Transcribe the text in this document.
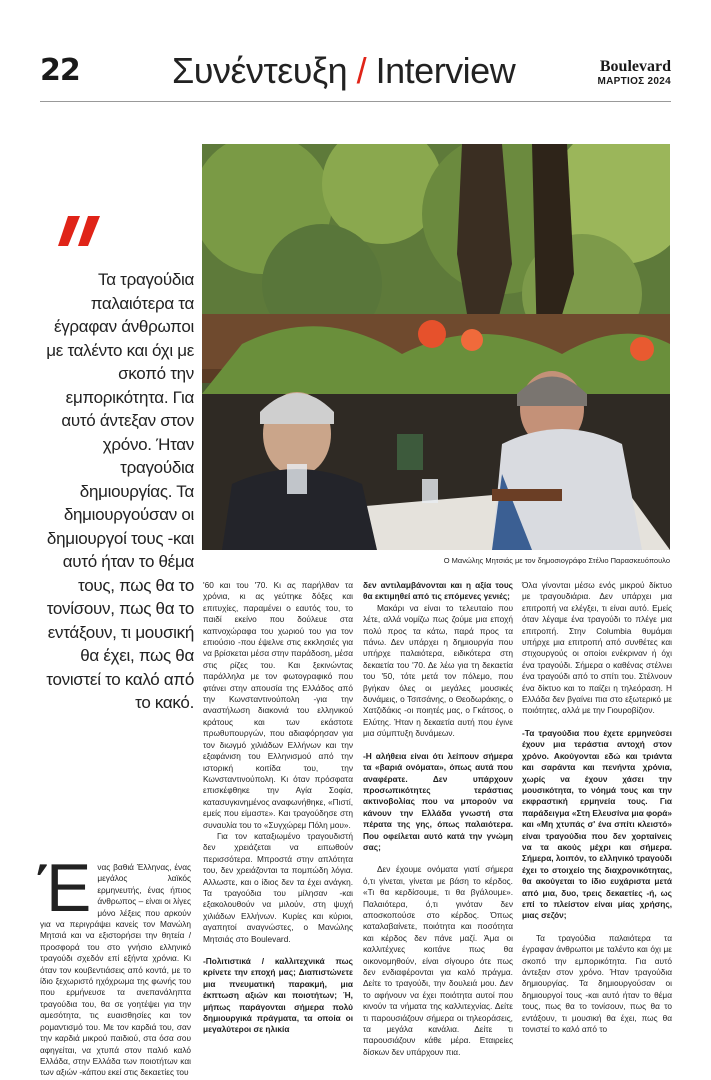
22	Συνέντευξη / Interview	Boulevard
ΜΑΡΤΙΟΣ 2024
Ο Μανώλης Μητσιάς με τον δημοσιογράφο Στέλιο Παρασκευόπουλο
Τα τραγούδια παλαιότερα τα έγραφαν άνθρωποι με ταλέντο και όχι με σκοπό την εμπορικότητα. Για αυτό άντεξαν στον χρόνο. Ήταν τραγούδια δημιουργίας. Τα δημιουργούσαν οι δημιουργοί τους -και αυτό ήταν το θέμα τους, πως θα το τονίσουν, πως θα το εντάξουν, τι μουσική θα έχει, πως θα τονιστεί το καλό από το κακό.
Ένας βαθιά Έλληνας, ένας μεγάλος λαϊκός ερμηνευτής, ένας ήπιος άνθρωπος – είναι οι λίγες μόνο λέξεις που αρκούν για να περιγράψει κανείς τον Μανώλη Μητσιά και να εξιστορήσει την θητεία / προσφορά του στο γνήσιο ελληνικό τραγούδι σχεδόν επί εξήντα χρόνια. Κι όταν τον κουβεντιάσεις από κοντά, με το ίδιο ξεχωριστό ηχόχρωμα της φωνής του που ερμήνευσε τα ανεπανάληπτα τραγούδια του, θα σε γοητέψει για την αμεσότητα, τις ευαισθησίες και τον ρομαντισμό του. Με τον καρδιά του, σαν την καρδιά μικρού παιδιού, στα όσα σου αφηγείται, να χτυπά στον παλιό καλό Ελλάδα, στην Ελλάδα των ποιοτήτων και των αξιών -κάπου εκεί στις δεκαετίες του

'60 και του '70. Κι ας παρήλθαν τα χρόνια, κι ας γεύτηκε δόξες και επιτυχίες, παραμένει ο εαυτός του, το παιδί εκείνο που δούλευε στα καπνοχώραφα του χωριού του για τον επιούσιο -που έψελνε στις εκκλησιές για να βρίσκεται μέσα στην παράδοση, μέσα στις ρίζες του. Και ξεκινώντας παράλληλα με τον φωτογραφικό που φτάνει στην απουσία της Ελλάδος από την Κωνσταντινούπολη -για την αναστήλωση διακονιά του ελληνικού κράτους και των εκάστοτε πρωθυπουργών, που αδιαφόρησαν για τον διωγμό χιλιάδων Ελλήνων και την εξαφάνιση του Ελληνισμού από την ιστορική κοιτίδα του, την Κωνσταντινούπολη. Κι όταν πρόσφατα επισκέφθηκε την Αγία Σοφία, κατασυγκινημένος αναφωνήθηκε, «Πιστί, εμείς που είμαστε». Και τραγούδησε στη συναυλία του το «Συγχώρεμ Πόλη μου».

Για τον καταξιωμένο τραγουδιστή δεν χρειάζεται να ειπωθούν περισσότερα. Μπροστά στην απλότητα του, δεν χρειάζονται τα πομπώδη λόγια. Αλλωστε, και ο ίδιος δεν τα έχει ανάγκη. Τα τραγούδια του μίλησαν -και εξακολουθούν να μιλούν, στη ψυχή χιλιάδων Ελλήνων. Κυρίες και κύριοι, αγαπητοί αναγνώστες, ο Μανώλης Μητσιάς στο Boulevard.

-Πολιτιστικά / καλλιτεχνικά πως κρίνετε την εποχή μας; Διαπιστώνετε μια πνευματική παρακμή, μια έκπτωση αξιών και ποιοτήτων; Ή, μήπως παράγονται σήμερα πολύ δημιουργικά πράγματα, τα οποία οι μεγαλύτεροι σε ηλικία

δεν αντιλαμβάνονται και η αξία τους θα εκτιμηθεί από τις επόμενες γενιές;

Μακάρι να είναι το τελευταίο που λέτε, αλλά νομίζω πως ζούμε μια εποχή πολύ προς τα κάτω, παρά προς τα πάνω. Δεν υπάρχει η δημιουργία που υπήρχε παλαιότερα, ειδικότερα στη δεκαετία του '70. Δε λέω για τη δεκαετία του '50, τότε μετά τον πόλεμο, που βγήκαν όλες οι μεγάλες μουσικές δυνάμεις, ο Τσιτσάνης, ο Θεοδωράκης, ο Χατζιδάκις -οι ποιητές μας, ο Γκάτσος, ο Ελύτης. Ήταν η δεκαετία αυτή που έγινε μια σύμπτυξη δυνάμεων.

-Η αλήθεια είναι ότι λείπουν σήμερα τα «βαριά ονόματα», όπως αυτά που αναφέρατε. Δεν υπάρχουν προσωπικότητες τεράστιας ακτινοβολίας που να μπορούν να κάνουν την Ελλάδα γνωστή στα πέρατα της γης, όπως παλαιότερα. Που οφείλεται αυτό κατά την γνώμη σας;

Δεν έχουμε ονόματα γιατί σήμερα ό,τι γίνεται, γίνεται με βάση το κέρδος. «Τι θα κερδίσουμε, τι θα βγάλουμε». Παλαιότερα, ό,τι γινόταν δεν αποσκοπούσε στο κέρδος. Όπως καταλαβαίνετε, ποιότητα και ποσότητα και κέρδος δεν πάνε μαζί. Άμα οι καλλιτέχνες κοιτάνε πως θα οικονομηθούν, είναι σίγουρο ότε πως δεν ενδιαφέρονται για καλό πράγμα. Δείτε το τραγούδι, την δουλειά μου. Δεν το αφήνουν να έχει ποιότητα αυτοί που κινούν τα νήματα της καλλιτεχνίας. Δείτε τι παρουσιάζουν σήμερα οι τηλεοράσεις, τα μεγάλα κανάλια. Δείτε τι παρουσιάζουν κάθε μέρα. Εταιρείες δίσκων δεν υπάρχουν πια.

Όλα γίνονται μέσω ενός μικρού δίκτυο με τραγουδιάρια. Δεν υπάρχει μια επιτροπή να ελέγξει, τι είναι αυτό. Εμείς όταν λέγαμε ένα τραγούδι το πλέγε μια επιτροπή. Στην Columbia θυμάμαι υπήρχε μια επιτροπή από συνθέτες και στιχουργούς οι οποίοι ενέκριναν ή όχι ένα τραγούδι. Σήμερα ο καθένας στέλνει ένα τραγούδι από το σπίτι του. Στέλνουν ένα δίκτυο και το παίζει η τηλεόραση. Η Ελλάδα δεν βγαίνει πια στο εξωτερικό με ποιότητες, αλλά με την Γιουροβίζιον.

-Τα τραγούδια που έχετε ερμηνεύσει έχουν μια τεράστια αντοχή στον χρόνο. Ακούγονται εδώ και τριάντα και σαράντα και πενήντα χρόνια, χωρίς να έχουν χάσει την μουσικότητα, το νόημά τους και την εκφραστική ερμηνεία τους. Για παράδειγμα «Στη Ελευσίνα μια φορά» και «Μη χτυπάς σ' ένα σπίτι κλειστό» είναι τραγούδια που δεν χορταίνεις να τα ακούς μέχρι και σήμερα. Σήμερα, λοιπόν, το ελληνικό τραγούδι έχει το στοιχείο της διαχρονικότητας, θα ακούγεται το ίδιο ευχάριστα μετά από μια, δυο, τρεις δεκαετίες -ή, ως επί το πλείστον είναι μίας χρήσης, μιας σεζόν;

Τα τραγούδια παλαιότερα τα έγραφαν άνθρωποι με ταλέντο και όχι με σκοπό την εμπορικότητα. Για αυτό άντεξαν στον χρόνο. Ήταν τραγούδια δημιουργίας. Τα δημιουργούσαν οι δημιουργοί τους -και αυτό ήταν το θέμα τους, πως θα το τονίσουν, πως θα το εντάξουν, τι μουσική θα έχει, πως θα τονιστεί το καλό από το
